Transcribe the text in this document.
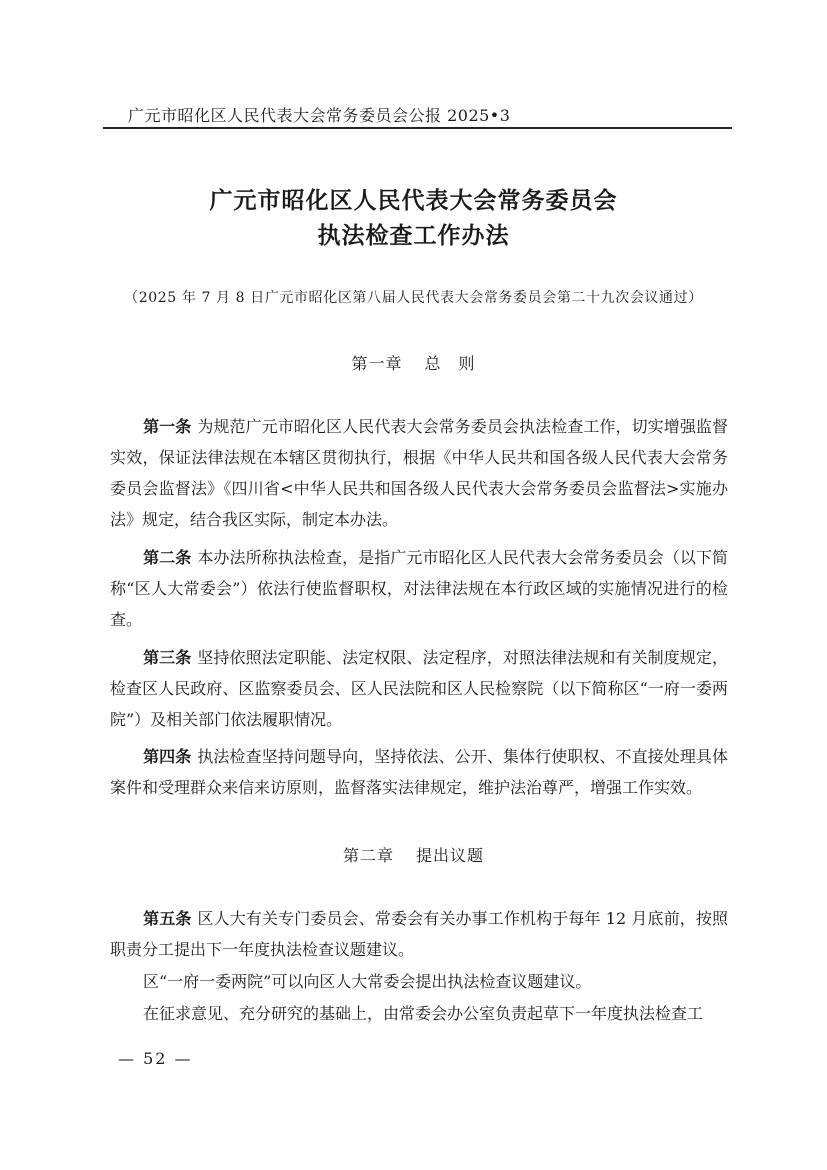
广元市昭化区人民代表大会常务委员会公报 2025•3
广元市昭化区人民代表大会常务委员会
执法检查工作办法
（2025 年 7 月 8 日广元市昭化区第八届人民代表大会常务委员会第二十九次会议通过）
第一章 总　则

第一条 为规范广元市昭化区人民代表大会常务委员会执法检查工作，切实增强监督实效，保证法律法规在本辖区贯彻执行，根据《中华人民共和国各级人民代表大会常务委员会监督法》《四川省<中华人民共和国各级人民代表大会常务委员会监督法>实施办法》规定，结合我区实际，制定本办法。

第二条 本办法所称执法检查，是指广元市昭化区人民代表大会常务委员会（以下简称“区人大常委会”）依法行使监督职权，对法律法规在本行政区域的实施情况进行的检查。

第三条 坚持依照法定职能、法定权限、法定程序，对照法律法规和有关制度规定，检查区人民政府、区监察委员会、区人民法院和区人民检察院（以下简称区“一府一委两院”）及相关部门依法履职情况。

第四条 执法检查坚持问题导向，坚持依法、公开、集体行使职权、不直接处理具体案件和受理群众来信来访原则，监督落实法律规定，维护法治尊严，增强工作实效。

第二章 提出议题

第五条 区人大有关专门委员会、常委会有关办事工作机构于每年 12 月底前，按照职责分工提出下一年度执法检查议题建议。

区“一府一委两院”可以向区人大常委会提出执法检查议题建议。

在征求意见、充分研究的基础上，由常委会办公室负责起草下一年度执法检查工

— 52 —
